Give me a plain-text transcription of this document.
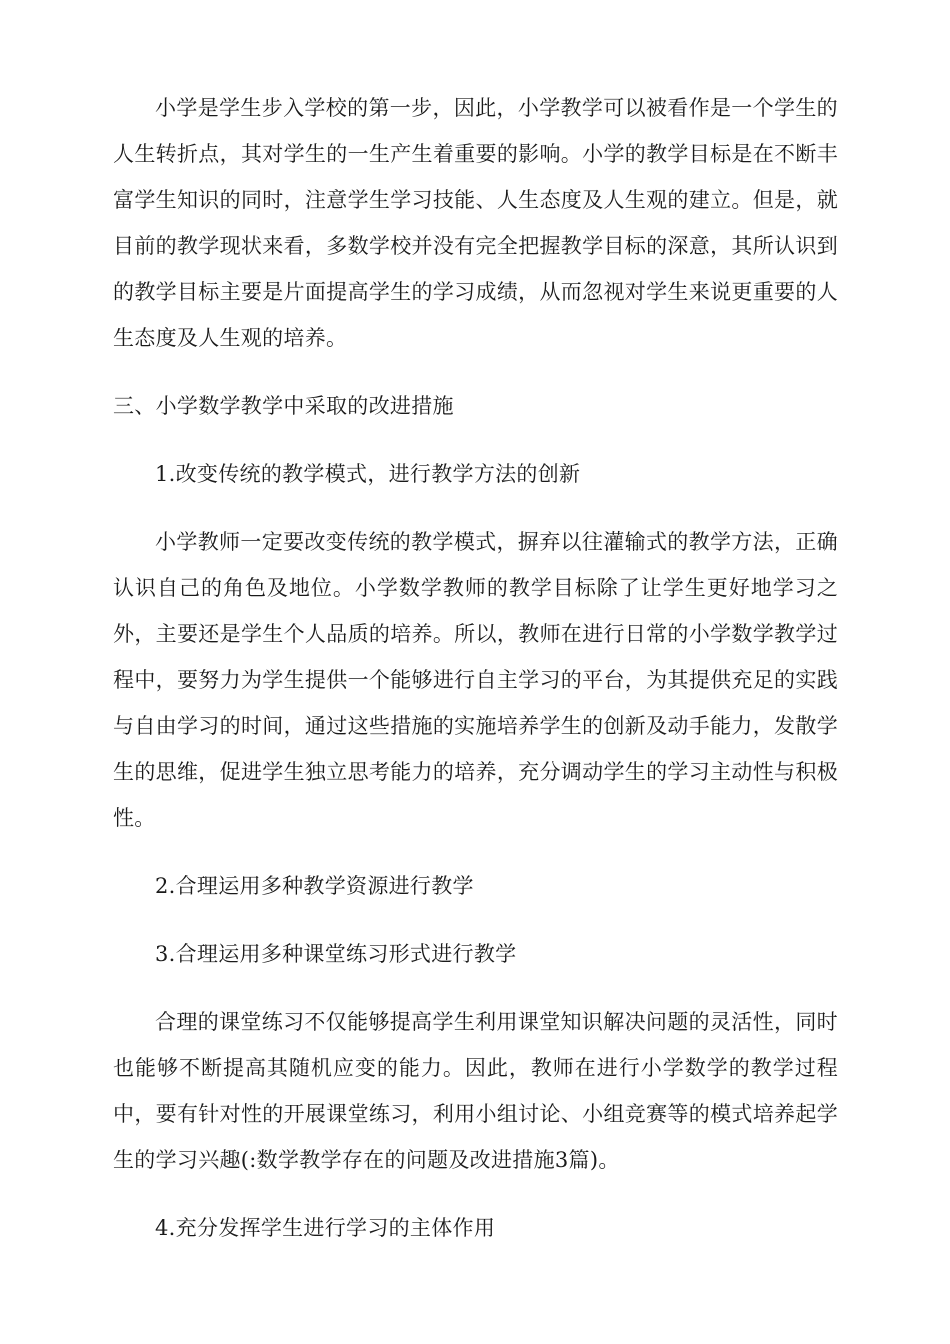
小学是学生步入学校的第一步，因此，小学教学可以被看作是一个学生的人生转折点，其对学生的一生产生着重要的影响。小学的教学目标是在不断丰富学生知识的同时，注意学生学习技能、人生态度及人生观的建立。但是，就目前的教学现状来看，多数学校并没有完全把握教学目标的深意，其所认识到的教学目标主要是片面提高学生的学习成绩，从而忽视对学生来说更重要的人生态度及人生观的培养。

三、小学数学教学中采取的改进措施

1.改变传统的教学模式，进行教学方法的创新

小学教师一定要改变传统的教学模式，摒弃以往灌输式的教学方法，正确认识自己的角色及地位。小学数学教师的教学目标除了让学生更好地学习之外，主要还是学生个人品质的培养。所以，教师在进行日常的小学数学教学过程中，要努力为学生提供一个能够进行自主学习的平台，为其提供充足的实践与自由学习的时间，通过这些措施的实施培养学生的创新及动手能力，发散学生的思维，促进学生独立思考能力的培养，充分调动学生的学习主动性与积极性。

2.合理运用多种教学资源进行教学

3.合理运用多种课堂练习形式进行教学

合理的课堂练习不仅能够提高学生利用课堂知识解决问题的灵活性，同时也能够不断提高其随机应变的能力。因此，教师在进行小学数学的教学过程中，要有针对性的开展课堂练习，利用小组讨论、小组竞赛等的模式培养起学生的学习兴趣(:数学教学存在的问题及改进措施3篇)。

4.充分发挥学生进行学习的主体作用
